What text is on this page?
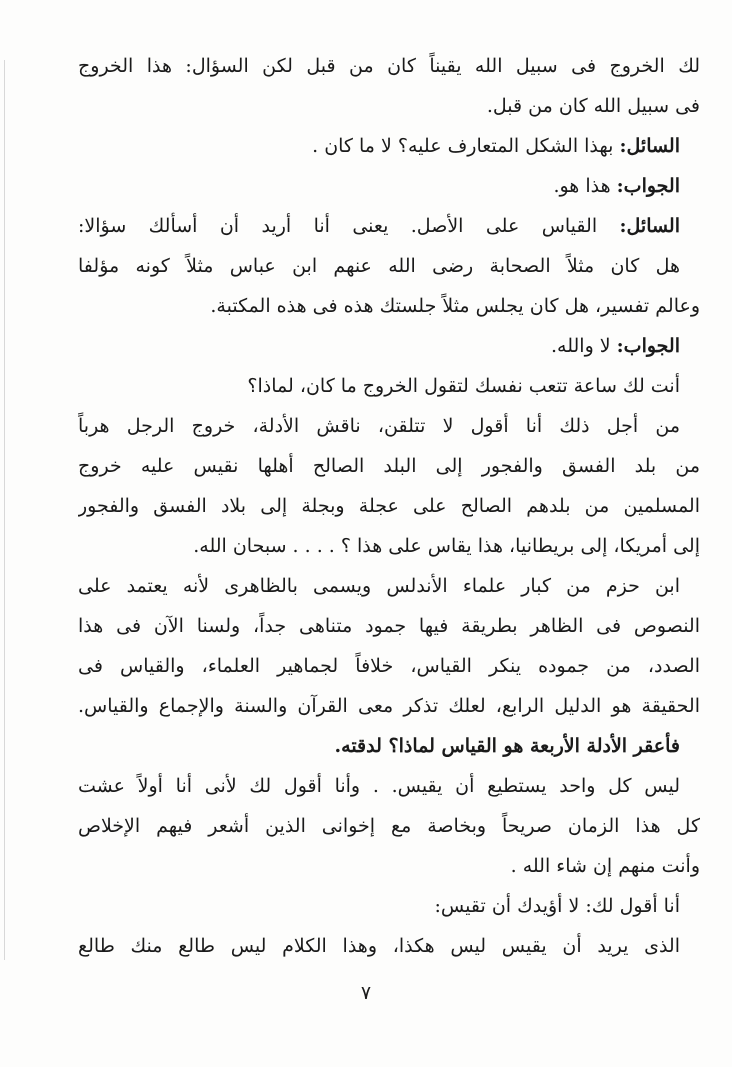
لك الخروج فى سبيل الله يقيناً كان من قبل لكن السؤال: هذا الخروج
فى سبيل الله كان من قبل.
السائل: بهذا الشكل المتعارف عليه؟ لا ما كان .
الجواب: هذا هو.
السائل: القياس على الأصل. يعنى أنا أريد أن أسألك سؤالا:
هل كان مثلاً الصحابة رضى الله عنهم ابن عباس مثلاً كونه مؤلفا
وعالم تفسير، هل كان يجلس مثلاً جلستك هذه فى هذه المكتبة.
الجواب: لا والله.
أنت لك ساعة تتعب نفسك لتقول الخروج ما كان، لماذا؟
من أجل ذلك أنا أقول لا تتلقن، ناقش الأدلة، خروج الرجل هرباً
من بلد الفسق والفجور إلى البلد الصالح أهلها نقيس عليه خروج
المسلمين من بلدهم الصالح على عجلة وبجلة إلى بلاد الفسق والفجور
إلى أمريكا، إلى بريطانيا، هذا يقاس على هذا ؟ . . . . سبحان الله.
ابن حزم من كبار علماء الأندلس ويسمى بالظاهرى لأنه يعتمد على
النصوص فى الظاهر بطريقة فيها جمود متناهى جداً، ولسنا الآن فى هذا
الصدد، من جموده ينكر القياس، خلافاً لجماهير العلماء، والقياس فى
الحقيقة هو الدليل الرابع، لعلك تذكر معى القرآن والسنة والإجماع والقياس.
فأعقر الأدلة الأربعة هو القياس لماذا؟ لدقته.
ليس كل واحد يستطيع أن يقيس. . وأنا أقول لك لأنى أنا أولاً عشت
كل هذا الزمان صريحاً وبخاصة مع إخوانى الذين أشعر فيهم الإخلاص
وأنت منهم إن شاء الله .
أنا أقول لك: لا أؤيدك أن تقيس:
الذى يريد أن يقيس ليس هكذا، وهذا الكلام ليس طالع منك طالع
٧
